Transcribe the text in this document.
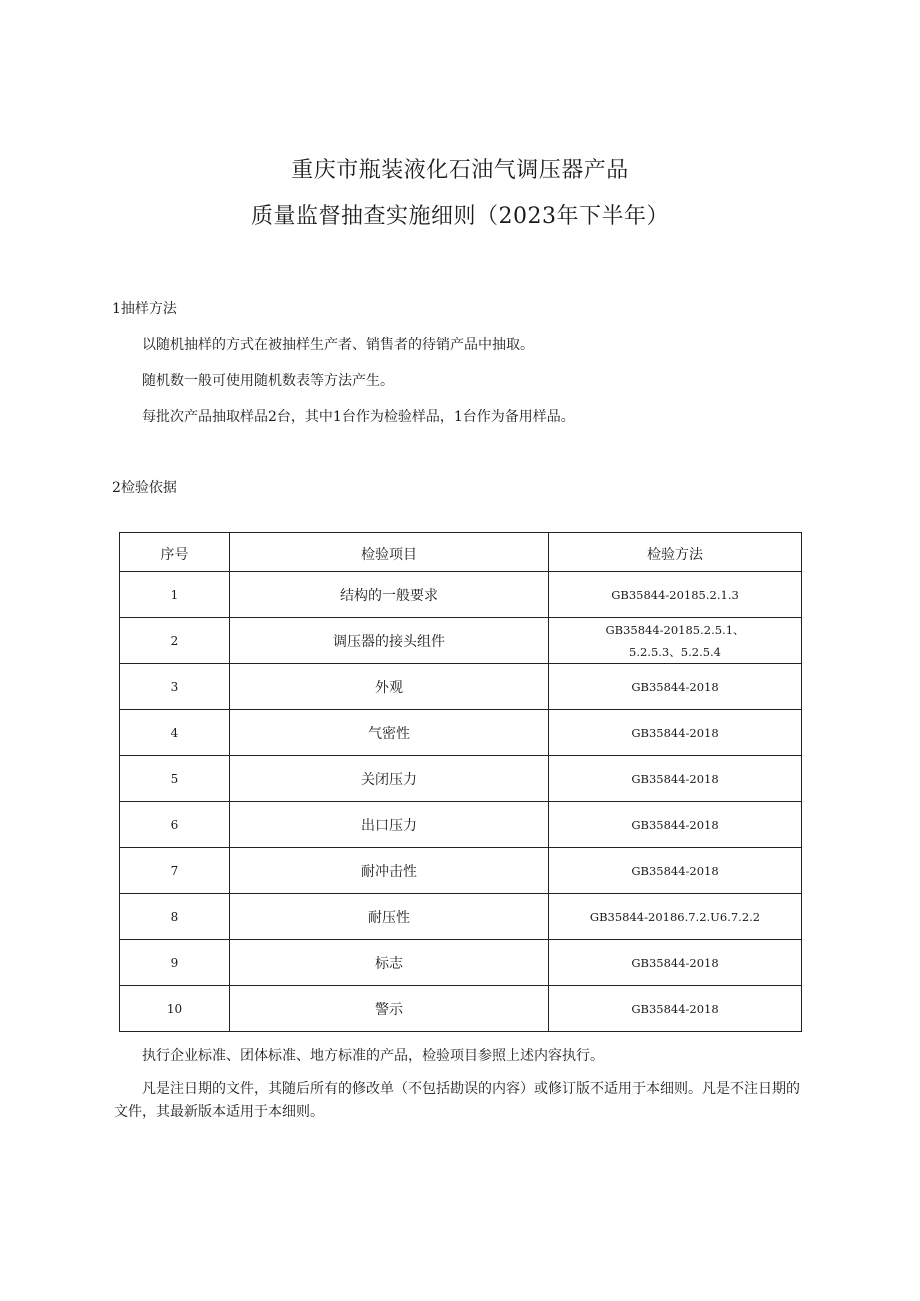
重庆市瓶装液化石油气调压器产品
质量监督抽查实施细则（2023年下半年）
1抽样方法
以随机抽样的方式在被抽样生产者、销售者的待销产品中抽取。
随机数一般可使用随机数表等方法产生。
每批次产品抽取样品2台，其中1台作为检验样品，1台作为备用样品。
2检验依据
序号	检验项目	检验方法
1	结构的一般要求	GB35844-20185.2.1.3
2	调压器的接头组件	GB35844-20185.2.5.1、
5.2.5.3、5.2.5.4

3	外观	GB35844-2018
4	气密性	GB35844-2018
5	关闭压力	GB35844-2018
6	出口压力	GB35844-2018
7	耐冲击性	GB35844-2018
8	耐压性	GB35844-20186.7.2.U6.7.2.2
9	标志	GB35844-2018
10	警示	GB35844-2018
执行企业标准、团体标准、地方标准的产品，检验项目参照上述内容执行。
凡是注日期的文件，其随后所有的修改单（不包括勘误的内容）或修订版不适用于本细则。凡是不注日期的文件，其最新版本适用于本细则。
